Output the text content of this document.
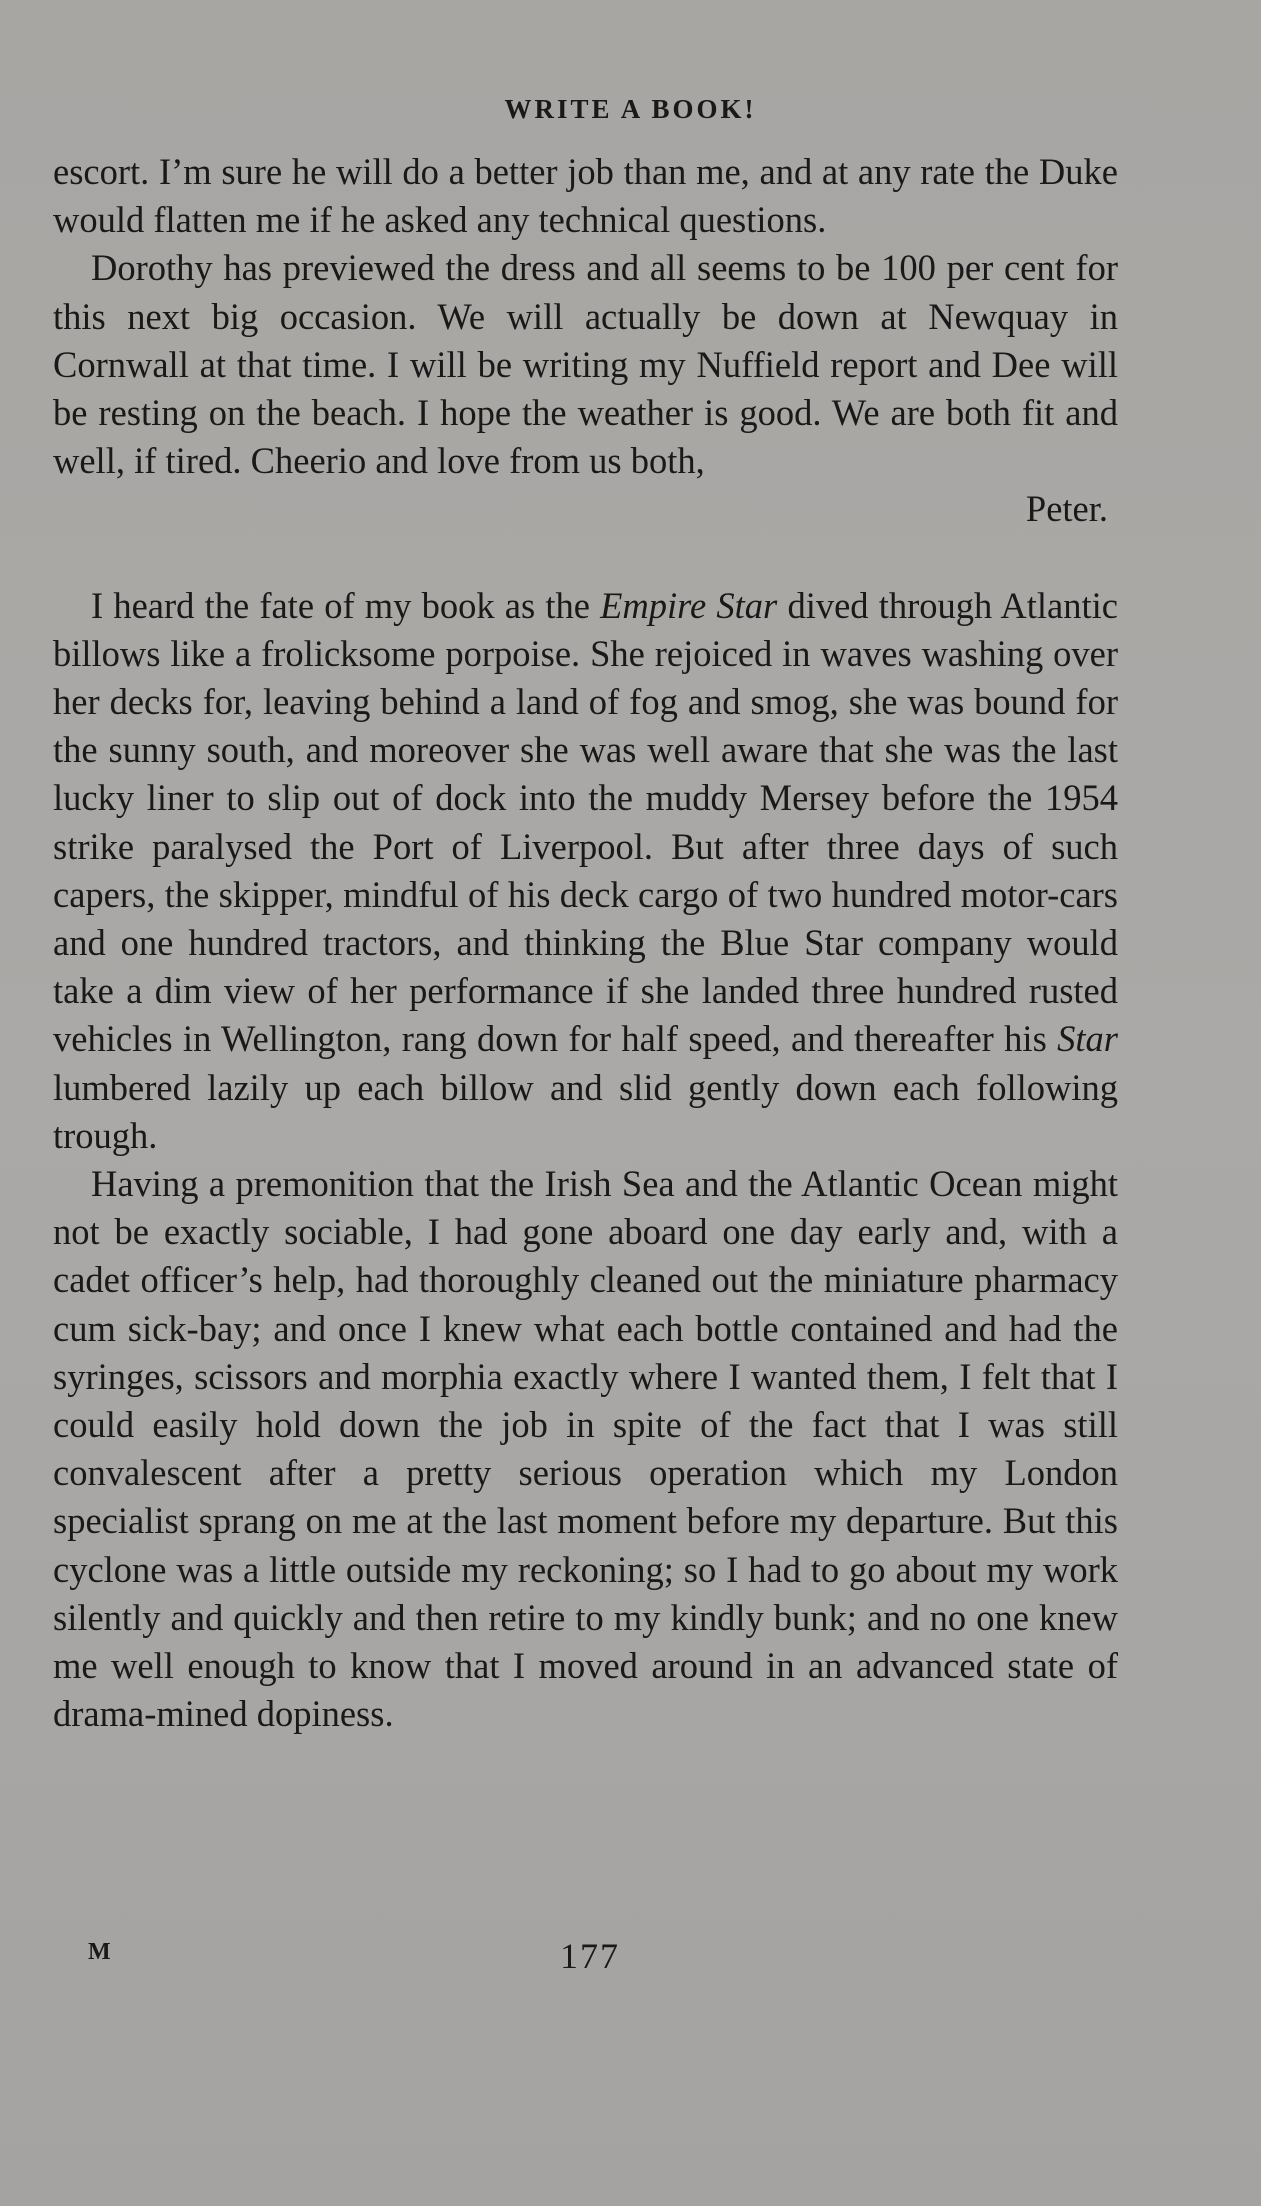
WRITE A BOOK!

escort. I’m sure he will do a better job than me, and at any rate the Duke would flatten me if he asked any technical questions.

Dorothy has previewed the dress and all seems to be 100 per cent for this next big occasion. We will actually be down at Newquay in Cornwall at that time. I will be writing my Nuffield report and Dee will be resting on the beach. I hope the weather is good. We are both fit and well, if tired. Cheerio and love from us both,

Peter.

I heard the fate of my book as the Empire Star dived through Atlantic billows like a frolicksome porpoise. She rejoiced in waves washing over her decks for, leaving behind a land of fog and smog, she was bound for the sunny south, and moreover she was well aware that she was the last lucky liner to slip out of dock into the muddy Mersey before the 1954 strike paralysed the Port of Liverpool. But after three days of such capers, the skipper, mindful of his deck cargo of two hundred motor-cars and one hundred tractors, and thinking the Blue Star company would take a dim view of her performance if she landed three hundred rusted vehicles in Wellington, rang down for half speed, and thereafter his Star lumbered lazily up each billow and slid gently down each following trough.

Having a premonition that the Irish Sea and the Atlantic Ocean might not be exactly sociable, I had gone aboard one day early and, with a cadet officer’s help, had thoroughly cleaned out the miniature pharmacy cum sick-bay; and once I knew what each bottle contained and had the syringes, scissors and morphia exactly where I wanted them, I felt that I could easily hold down the job in spite of the fact that I was still convalescent after a pretty serious operation which my London specialist sprang on me at the last moment before my departure. But this cyclone was a little outside my reckoning; so I had to go about my work silently and quickly and then retire to my kindly bunk; and no one knew me well enough to know that I moved around in an advanced state of drama-mined dopiness.

M	177
